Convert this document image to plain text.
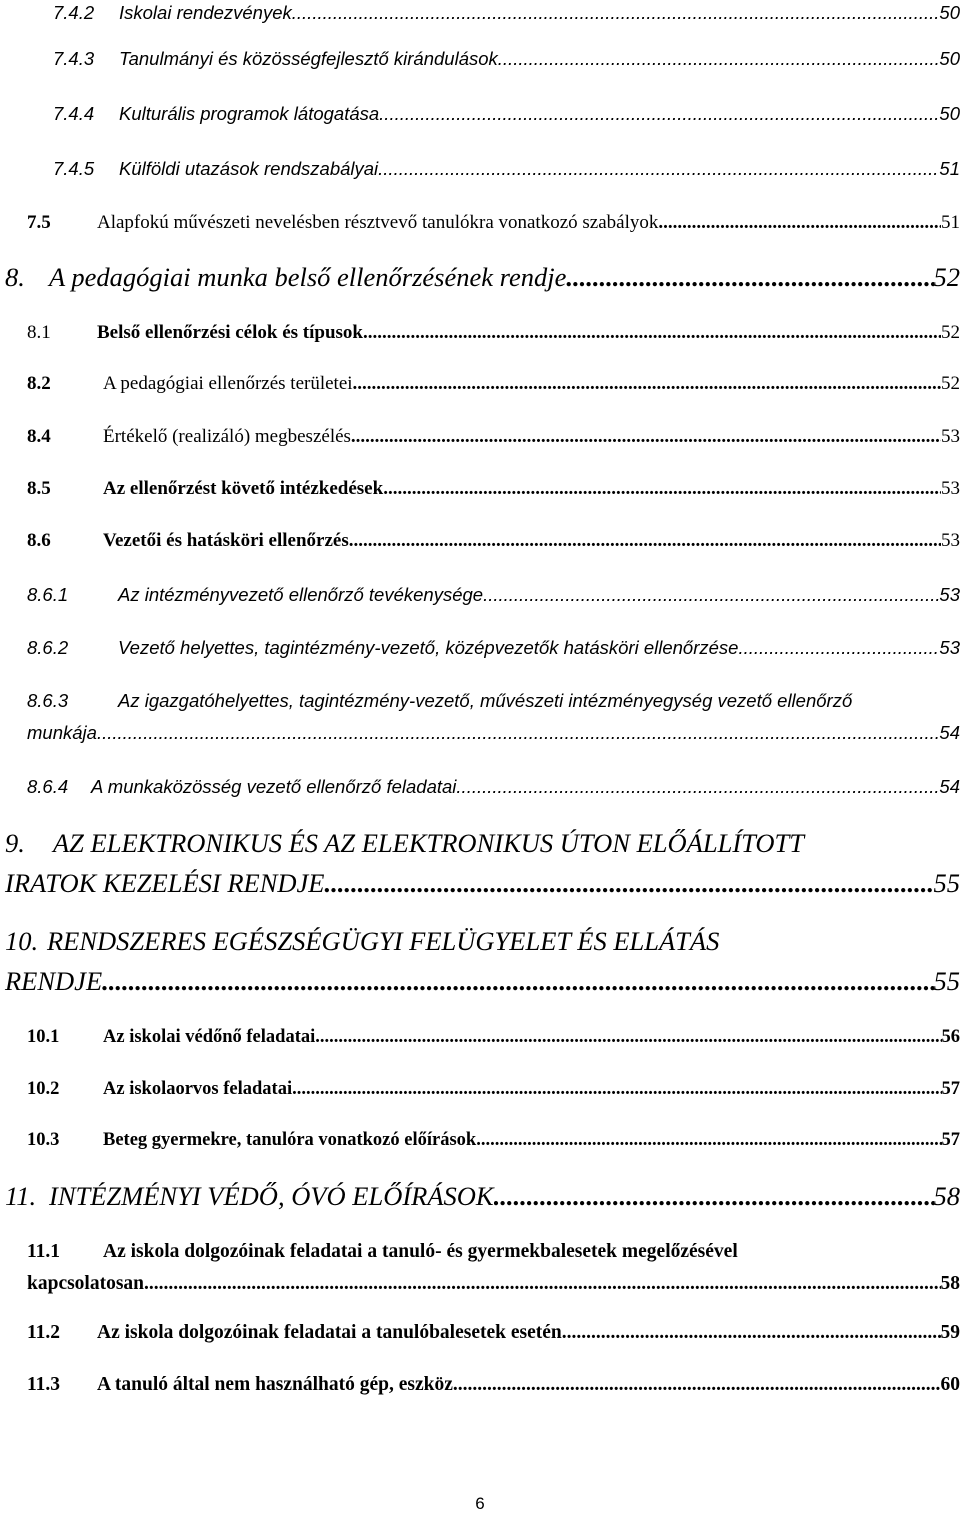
7.4.2	Iskolai rendezvények .....	50
7.4.3	Tanulmányi és közösségfejlesztő kirándulások .....	50
7.4.4	Kulturális programok látogatása .....	50
7.4.5	Külföldi utazások rendszabályai .....	51
7.5	Alapfokú művészeti nevelésben résztvevő tanulókra vonatkozó szabályok .....	51
8. A pedagógiai munka belső ellenőrzésének rendje .....	52
8.1	Belső ellenőrzési célok és típusok .....	52
8.2	A pedagógiai ellenőrzés területei .....	52
8.4	Értékelő (realizáló) megbeszélés .....	53
8.5	Az ellenőrzést követő intézkedések .....	53
8.6	Vezetői és hatásköri ellenőrzés .....	53
8.6.1	Az intézményvezető ellenőrző tevékenysége .....	53
8.6.2	Vezető helyettes, tagintézmény-vezető, középvezetők hatásköri ellenőrzése .....	53
8.6.3	Az igazgatóhelyettes, tagintézmény-vezető, művészeti intézményegység vezető ellenőrző
munkája .....	54
8.6.4	A munkaközösség vezető ellenőrző feladatai .....	54
9.	AZ ELEKTRONIKUS ÉS AZ ELEKTRONIKUS ÚTON ELŐÁLLÍTOTT
IRATOK KEZELÉSI RENDJE .....	55
10. RENDSZERES EGÉSZSÉGÜGYI FELÜGYELET ÉS ELLÁTÁS
RENDJE .....	55
10.1	Az iskolai védőnő feladatai .....	56
10.2	Az iskolaorvos feladatai .....	57
10.3	Beteg gyermekre, tanulóra vonatkozó előírások. .....	57
11. INTÉZMÉNYI VÉDŐ, ÓVÓ ELŐÍRÁSOK .....	58
11.1	Az iskola dolgozóinak feladatai a tanuló- és gyermekbalesetek megelőzésével
kapcsolatosan .....	58
11.2	Az iskola dolgozóinak feladatai a tanulóbalesetek esetén .....	59
11.3	A tanuló által nem használható gép, eszköz .....	60
6
